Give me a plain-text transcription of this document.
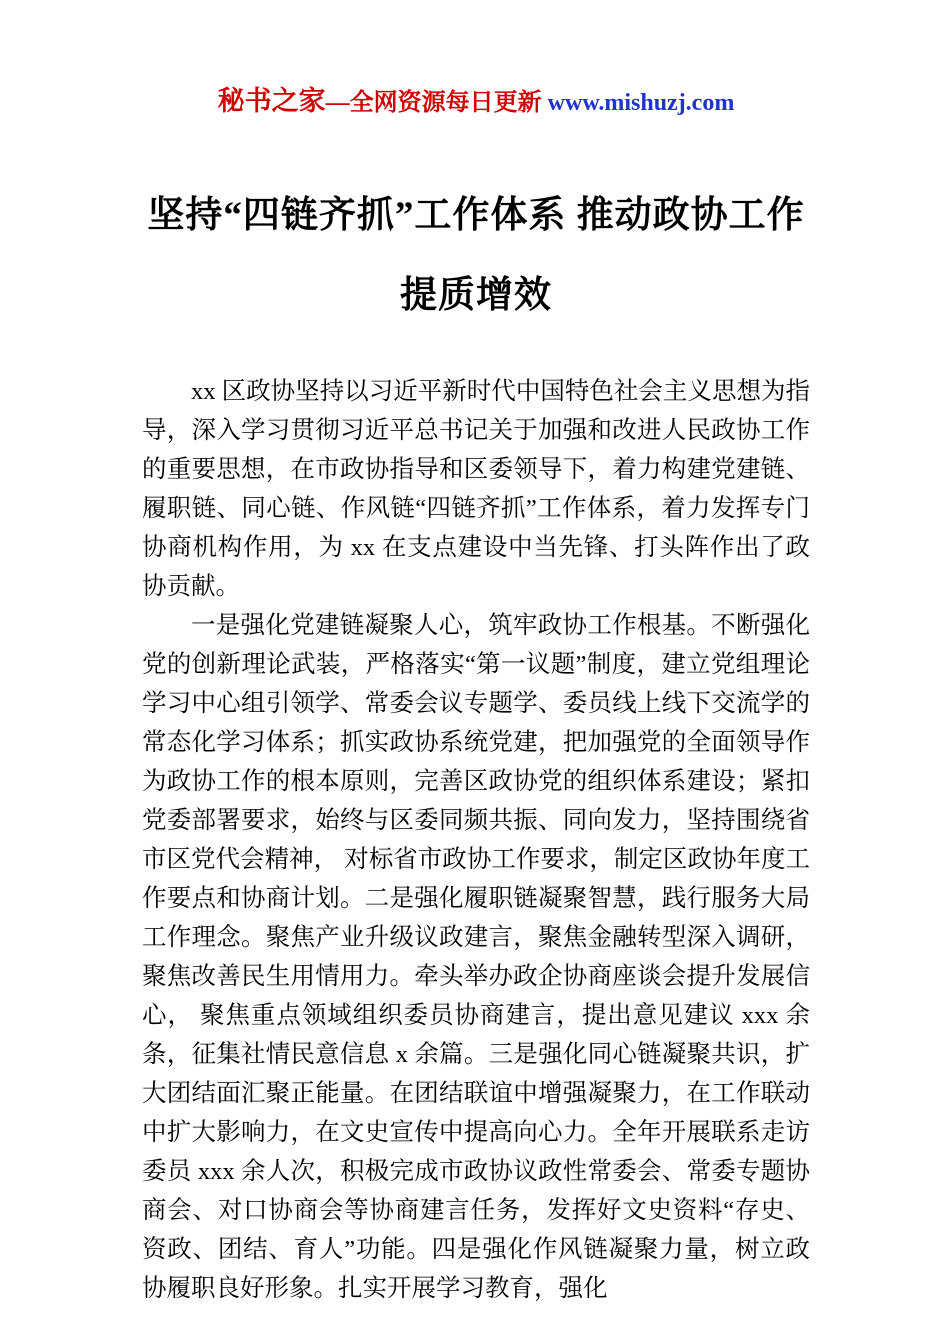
秘书之家—全网资源每日更新 www.mishuzj.com
坚持“四链齐抓”工作体系 推动政协工作提质增效

xx 区政协坚持以习近平新时代中国特色社会主义思想为指导，深入学习贯彻习近平总书记关于加强和改进人民政协工作的重要思想，在市政协指导和区委领导下，着力构建党建链、履职链、同心链、作风链“四链齐抓”工作体系，着力发挥专门协商机构作用，为 xx 在支点建设中当先锋、打头阵作出了政协贡献。

一是强化党建链凝聚人心，筑牢政协工作根基。不断强化党的创新理论武装，严格落实“第一议题”制度，建立党组理论学习中心组引领学、常委会议专题学、委员线上线下交流学的常态化学习体系；抓实政协系统党建，把加强党的全面领导作为政协工作的根本原则，完善区政协党的组织体系建设；紧扣党委部署要求，始终与区委同频共振、同向发力，坚持围绕省市区党代会精神， 对标省市政协工作要求，制定区政协年度工作要点和协商计划。二是强化履职链凝聚智慧，践行服务大局工作理念。聚焦产业升级议政建言，聚焦金融转型深入调研，聚焦改善民生用情用力。牵头举办政企协商座谈会提升发展信心， 聚焦重点领域组织委员协商建言，提出意见建议 xxx 余条，征集社情民意信息 x 余篇。三是强化同心链凝聚共识，扩大团结面汇聚正能量。在团结联谊中增强凝聚力，在工作联动中扩大影响力，在文史宣传中提高向心力。全年开展联系走访委员 xxx 余人次，积极完成市政协议政性常委会、常委专题协商会、对口协商会等协商建言任务，发挥好文史资料“存史、资政、团结、育人”功能。四是强化作风链凝聚力量，树立政协履职良好形象。扎实开展学习教育，强化
